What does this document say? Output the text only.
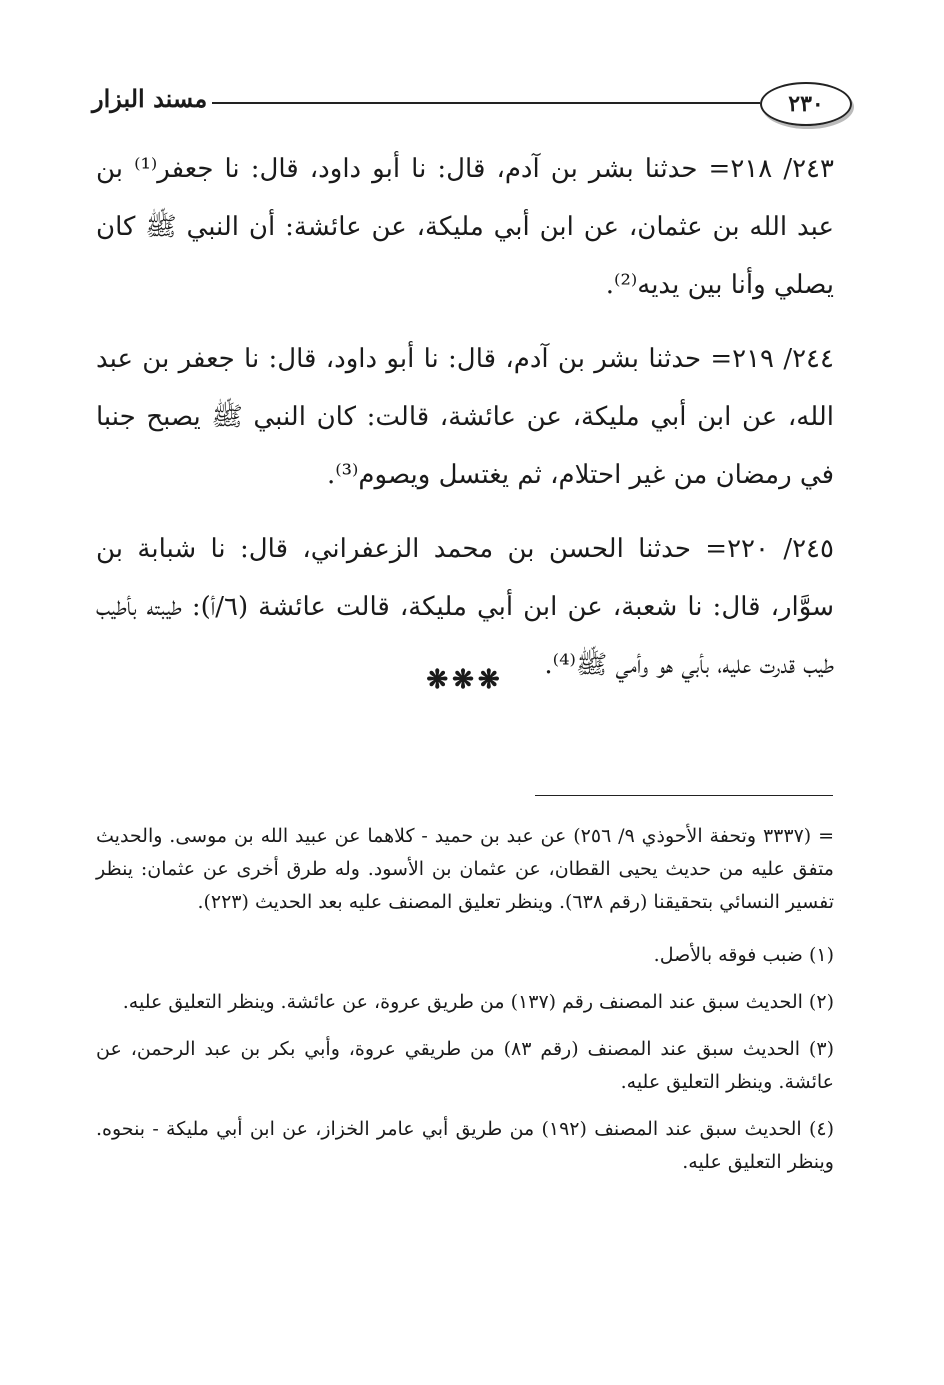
٢٣٠
مسند البزار

٢٤٣/ ٢١٨= حدثنا بشر بن آدم، قال: نا أبو داود، قال: نا جعفر⁽¹⁾ بن عبد الله بن عثمان، عن ابن أبي مليكة، عن عائشة: أن النبي ﷺ كان يصلي وأنا بين يديه⁽²⁾.

٢٤٤/ ٢١٩= حدثنا بشر بن آدم، قال: نا أبو داود، قال: نا جعفر بن عبد الله، عن ابن أبي مليكة، عن عائشة، قالت: كان النبي ﷺ يصبح جنبا في رمضان من غير احتلام، ثم يغتسل ويصوم⁽³⁾.

٢٤٥/ ٢٢٠= حدثنا الحسن بن محمد الزعفراني، قال: نا شبابة بن سوَّار، قال: نا شعبة، عن ابن أبي مليكة، قالت عائشة (٦/أ): طيبته بأطيب طيب قدرت عليه، بأبي هو وأمي ﷺ⁽⁴⁾.

❋❋❋

= (٣٣٣٧ وتحفة الأحوذي ٩/ ٢٥٦) عن عبد بن حميد - كلاهما عن عبيد الله بن موسى. والحديث متفق عليه من حديث يحيى القطان، عن عثمان بن الأسود. وله طرق أخرى عن عثمان: ينظر تفسير النسائي بتحقيقنا (رقم ٦٣٨). وينظر تعليق المصنف عليه بعد الحديث (٢٢٣).

(١) ضبب فوقه بالأصل.

(٢) الحديث سبق عند المصنف رقم (١٣٧) من طريق عروة، عن عائشة. وينظر التعليق عليه.

(٣) الحديث سبق عند المصنف (رقم ٨٣) من طريقي عروة، وأبي بكر بن عبد الرحمن، عن عائشة. وينظر التعليق عليه.

(٤) الحديث سبق عند المصنف (١٩٢) من طريق أبي عامر الخزاز، عن ابن أبي مليكة - بنحوه. وينظر التعليق عليه.
